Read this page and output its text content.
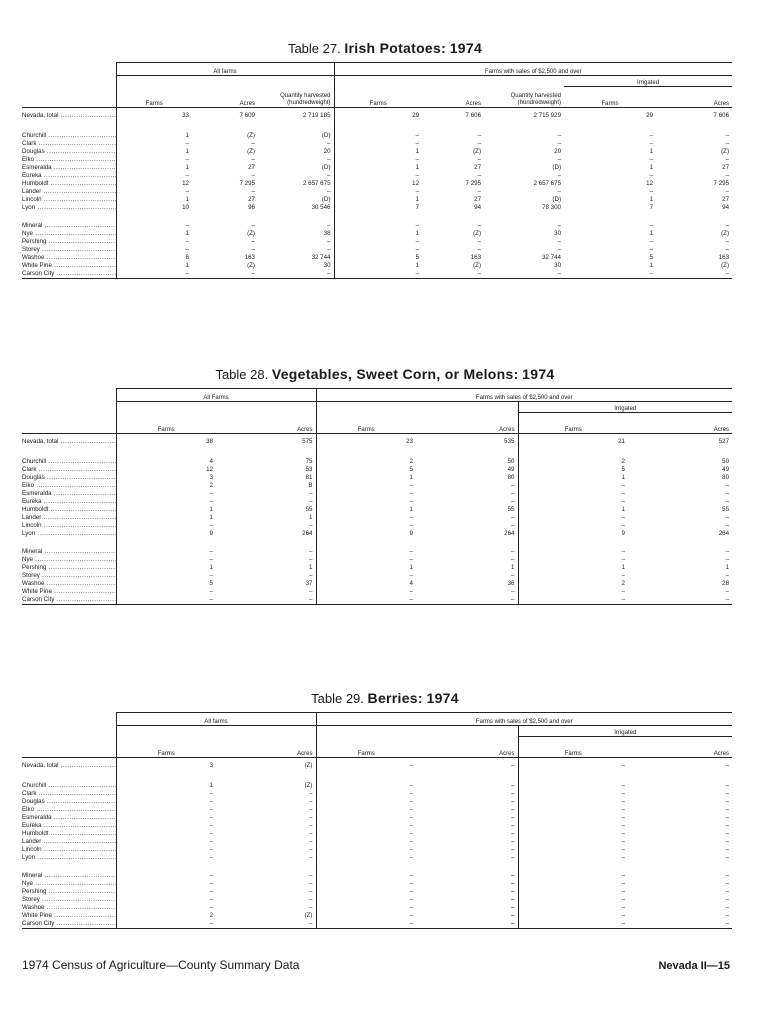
Table 27. Irish Potatoes: 1974
	All farms			Farms with sales of $2,500 and over				
							Irrigated	
	Farms	Acres	Quantity harvested (hundredweight)	Farms	Acres	Quantity harvested (hundredweight)	Farms	Acres
Nevada, total .....	33	7 609	2 719 185	29	7 606	2 715 929	29	7 606

Churchill .....	1	(Z)	(D)	–	–	–	–	–
Clark .....	–	–	–	–	–	–	–	–
Douglas .....	1	(Z)	20	1	(Z)	20	1	(Z)
Elko .....	–	–	–	–	–	–	–	–
Esmeralda .....	1	27	(D)	1	27	(D)	1	27
Eureka .....	–	–	–	–	–	–	–	–
Humboldt .....	12	7 295	2 657 675	12	7 295	2 657 675	12	7 295
Lander .....	–	–	–	–	–	–	–	–
Lincoln .....	1	27	(D)	1	27	(D)	1	27
Lyon .....	10	96	30 546	7	94	78 300	7	94

Mineral .....	–	–	–	–	–	–	–	–
Nye .....	1	(Z)	38	1	(Z)	30	1	(Z)
Pershing .....	–	–	–	–	–	–	–	–
Storey .....	–	–	–	–	–	–	–	–
Washoe .....	6	163	32 744	5	163	32 744	5	163
White Pine .....	1	(Z)	30	1	(Z)	30	1	(Z)
Carson City .....	–	–	–	–	–	–	–	–
Table 28. Vegetables, Sweet Corn, or Melons: 1974
	All Farms		Farms with sales of $2,500 and over			
					Irrigated	
	Farms	Acres	Farms	Acres	Farms	Acres
Nevada, total .....	38	575	23	535	21	527

Churchill .....	4	75	2	50	2	50
Clark .....	12	53	5	49	5	49
Douglas .....	3	81	1	80	1	80
Elko .....	2	B	–	–	–	–
Esmeralda .....	–	–	–	–	–	–
Eureka .....	–	–	–	–	–	–
Humboldt .....	1	55	1	55	1	55
Lander .....	1	1	–	–	–	–
Lincoln .....	–	–	–	–	–	–
Lyon .....	9	264	9	264	9	264

Mineral .....	–	–	–	–	–	–
Nye .....	–	–	–	–	–	–
Pershing .....	1	1	1	1	1	1
Storey .....	–	–	–	–	–	–
Washoe .....	5	37	4	36	2	28
White Pine .....	–	–	–	–	–	–
Carson City .....	–	–	–	–	–	–
Table 29. Berries: 1974
	All farms		Farms with sales of $2,500 and over			
					Irrigated	
	Farms	Acres	Farms	Acres	Farms	Acres
Nevada, total .....	3	(Z)	–	–	–	–

Churchill .....	1	(Z)	–	–	–	–
Clark .....	–	–	–	–	–	–
Douglas .....	–	–	–	–	–	–
Elko .....	–	–	–	–	–	–
Esmeralda .....	–	–	–	–	–	–
Eureka .....	–	–	–	–	–	–
Humboldt .....	–	–	–	–	–	–
Lander .....	–	–	–	–	–	–
Lincoln .....	–	–	–	–	–	–
Lyon .....	–	–	–	–	–	–

Mineral .....	–	–	–	–	–	–
Nye .....	–	–	–	–	–	–
Pershing .....	–	–	–	–	–	–
Storey .....	–	–	–	–	–	–
Washoe .....	–	–	–	–	–	–
White Pine .....	2	(Z)	–	–	–	–
Carson City .....	–	–	–	–	–	–
1974 Census of Agriculture—County Summary Data	Nevada II—15
